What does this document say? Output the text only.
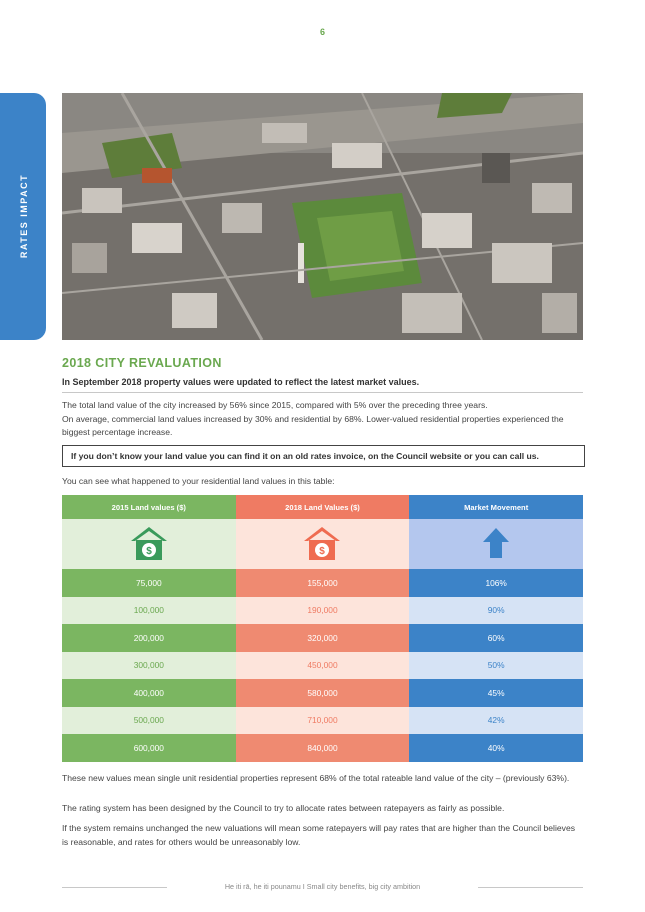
6
RATES IMPACT
2018 CITY REVALUATION
In September 2018 property values were updated to reflect the latest market values.
The total land value of the city increased by 56% since 2015, compared with 5% over the preceding three years.
On average, commercial land values increased by 30% and residential by 68%. Lower-valued residential properties experienced the biggest percentage increase.
If you don’t know your land value you can find it on an old rates invoice, on the Council website or you can call us.
You can see what happened to your residential land values in this table:
2015 Land values ($)	2018 Land Values ($)	Market Movement

$	$

75,000	155,000	106%
100,000	190,000	90%
200,000	320,000	60%
300,000	450,000	50%
400,000	580,000	45%
500,000	710,000	42%
600,000	840,000	40%
These new values mean single unit residential properties represent 68% of the total rateable land value of the city – (previously 63%).
The rating system has been designed by the Council to try to allocate rates between ratepayers as fairly as possible.
If the system remains unchanged the new valuations will mean some ratepayers will pay rates that are higher than the Council believes is reasonable, and rates for others would be unreasonably low.
He iti rā, he iti pounamu I Small city benefits, big city ambition
